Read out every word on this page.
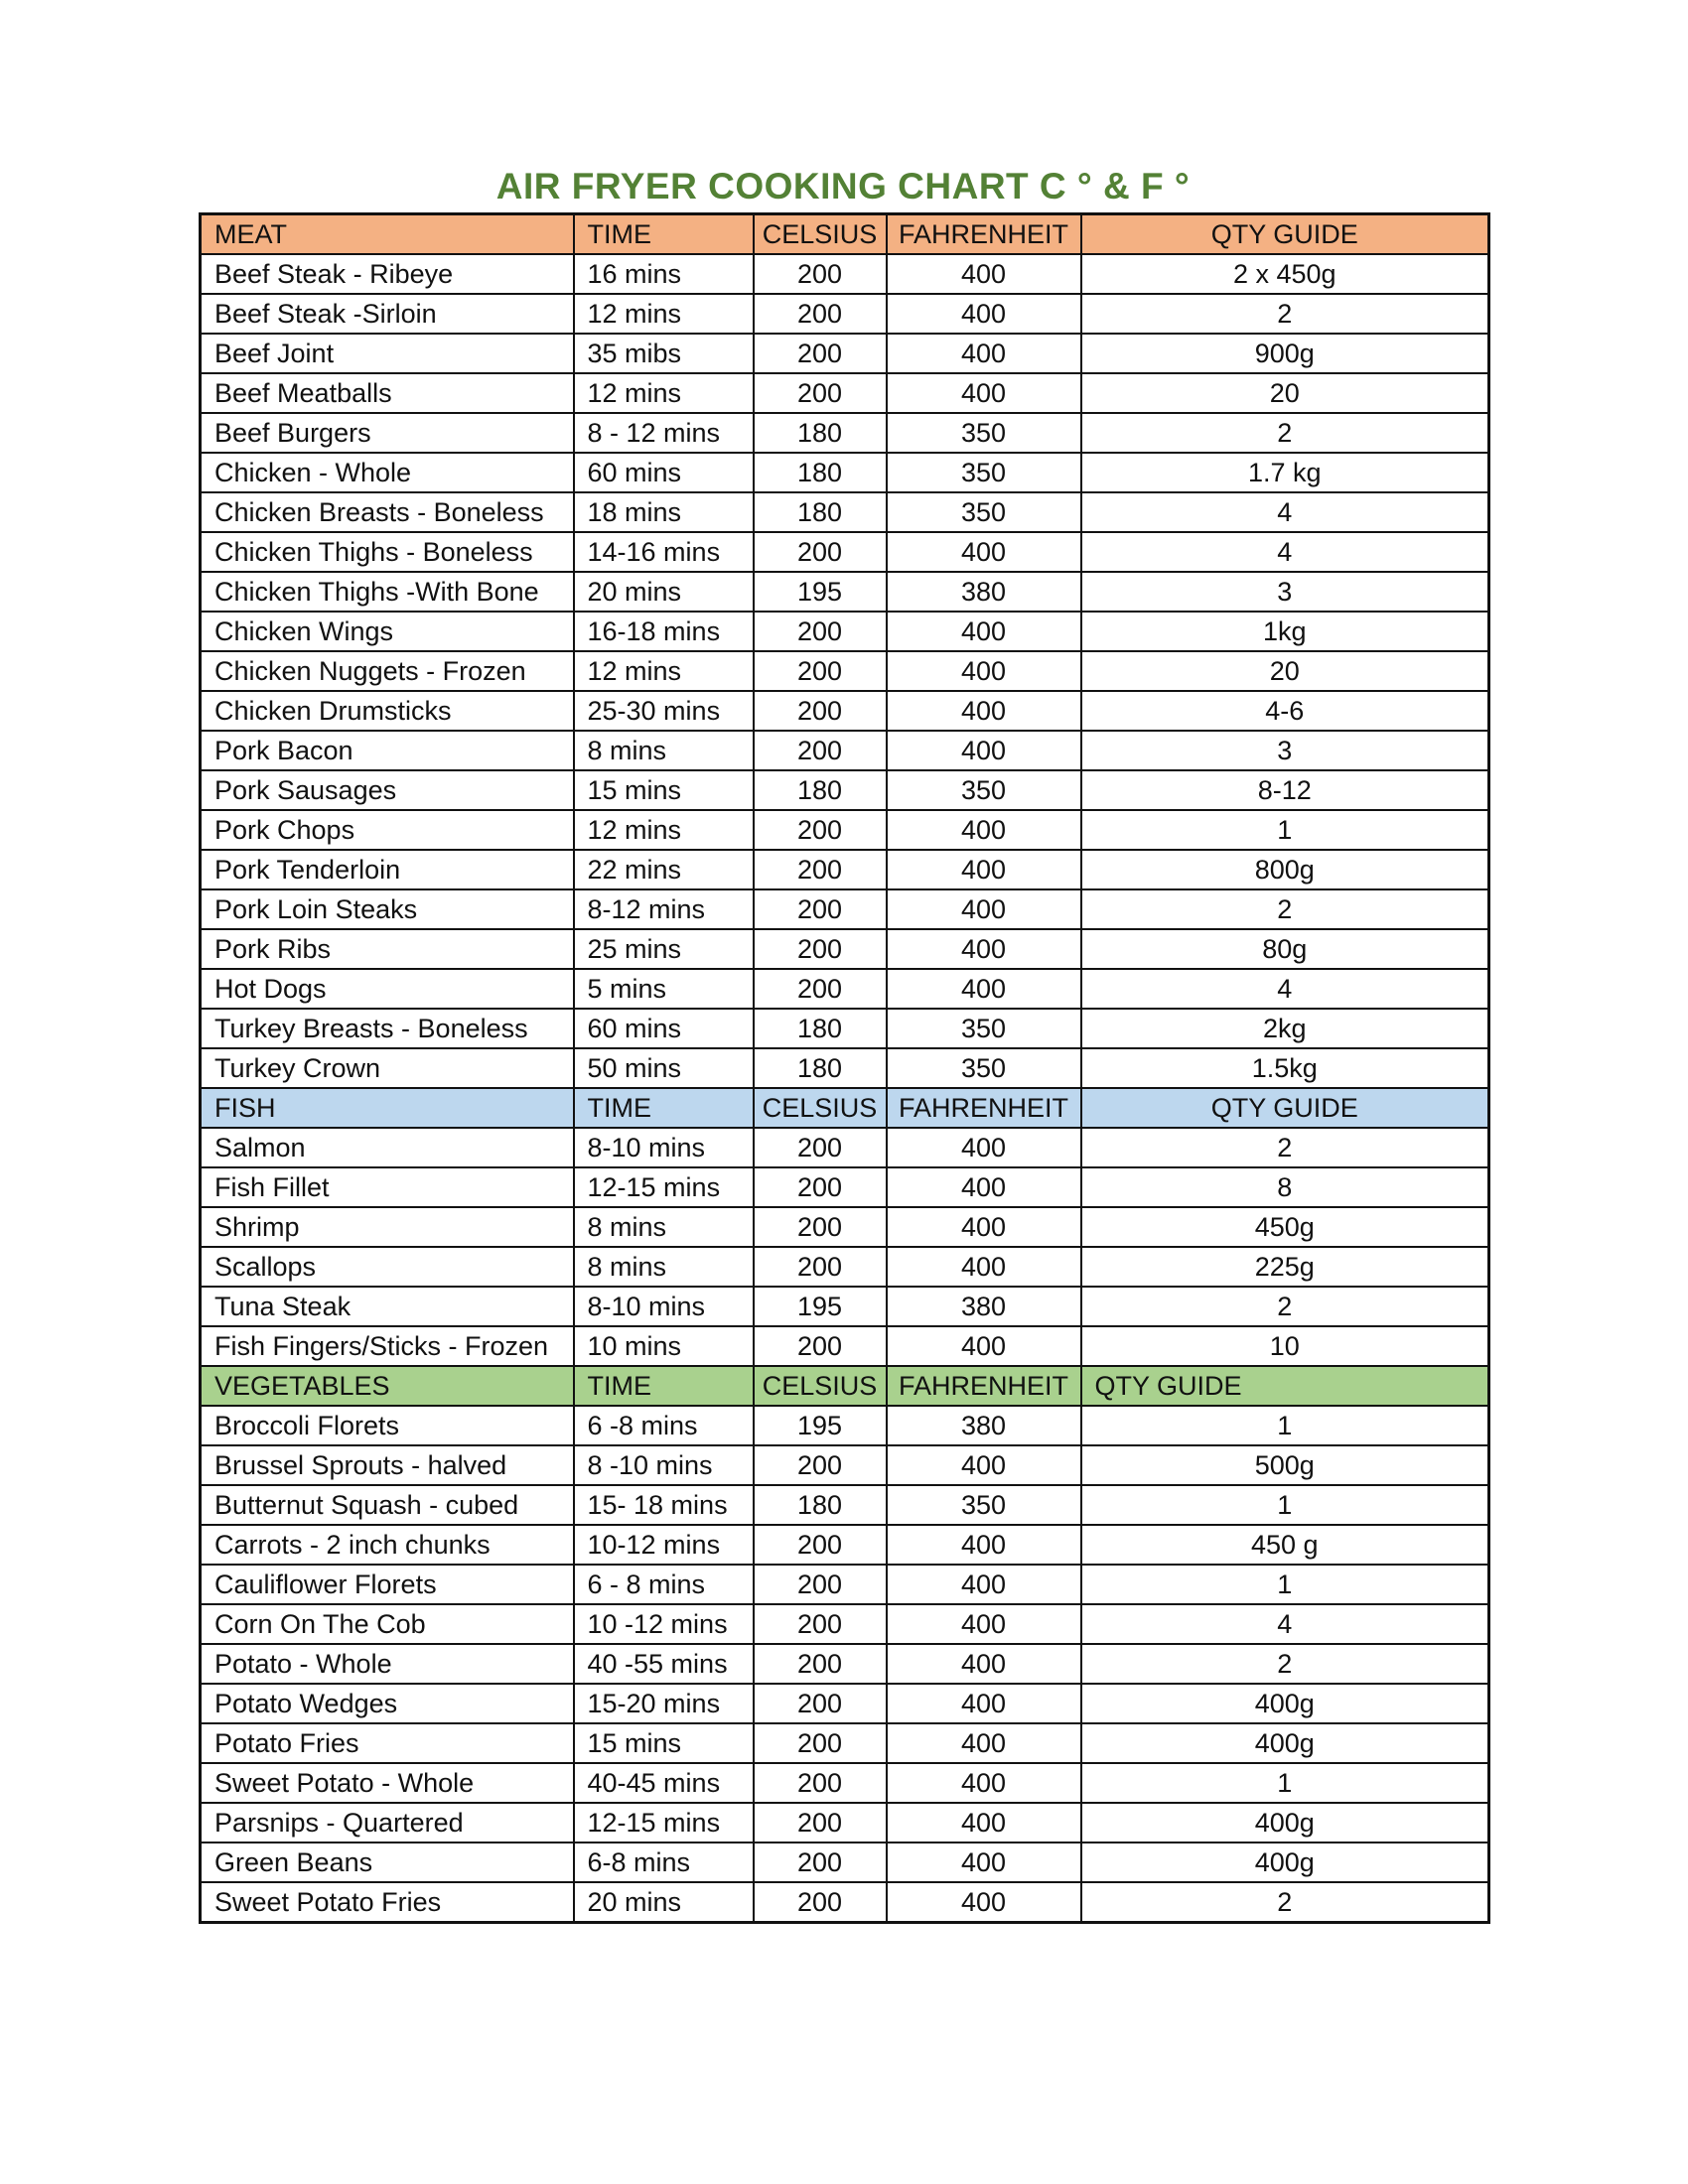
AIR FRYER COOKING CHART C ° & F °
MEAT	TIME	CELSIUS	FAHRENHEIT	QTY GUIDE
Beef Steak - Ribeye	16 mins	200	400	2 x 450g
Beef Steak -Sirloin	12 mins	200	400	2
Beef Joint	35 mibs	200	400	900g
Beef Meatballs	12 mins	200	400	20
Beef Burgers	8 - 12 mins	180	350	2
Chicken - Whole	60 mins	180	350	1.7 kg
Chicken Breasts - Boneless	18 mins	180	350	4
Chicken Thighs - Boneless	14-16 mins	200	400	4
Chicken Thighs -With Bone	20 mins	195	380	3
Chicken Wings	16-18 mins	200	400	1kg
Chicken Nuggets - Frozen	12 mins	200	400	20
Chicken Drumsticks	25-30 mins	200	400	4-6
Pork Bacon	8 mins	200	400	3
Pork Sausages	15 mins	180	350	8-12
Pork Chops	12 mins	200	400	1
Pork Tenderloin	22 mins	200	400	800g
Pork Loin Steaks	8-12 mins	200	400	2
Pork Ribs	25 mins	200	400	80g
Hot Dogs	5 mins	200	400	4
Turkey Breasts - Boneless	60 mins	180	350	2kg
Turkey Crown	50 mins	180	350	1.5kg
FISH	TIME	CELSIUS	FAHRENHEIT	QTY GUIDE
Salmon	8-10 mins	200	400	2
Fish Fillet	12-15 mins	200	400	8
Shrimp	8 mins	200	400	450g
Scallops	8 mins	200	400	225g
Tuna Steak	8-10 mins	195	380	2
Fish Fingers/Sticks - Frozen	10 mins	200	400	10
VEGETABLES	TIME	CELSIUS	FAHRENHEIT	QTY GUIDE
Broccoli Florets	6 -8 mins	195	380	1
Brussel Sprouts - halved	8 -10 mins	200	400	500g
Butternut Squash - cubed	15- 18 mins	180	350	1
Carrots - 2 inch chunks	10-12 mins	200	400	450 g
Cauliflower Florets	6 - 8 mins	200	400	1
Corn On The Cob	10 -12 mins	200	400	4
Potato - Whole	40 -55 mins	200	400	2
Potato Wedges	15-20 mins	200	400	400g
Potato Fries	15 mins	200	400	400g
Sweet Potato - Whole	40-45 mins	200	400	1
Parsnips - Quartered	12-15 mins	200	400	400g
Green Beans	6-8 mins	200	400	400g
Sweet Potato Fries	20 mins	200	400	2
